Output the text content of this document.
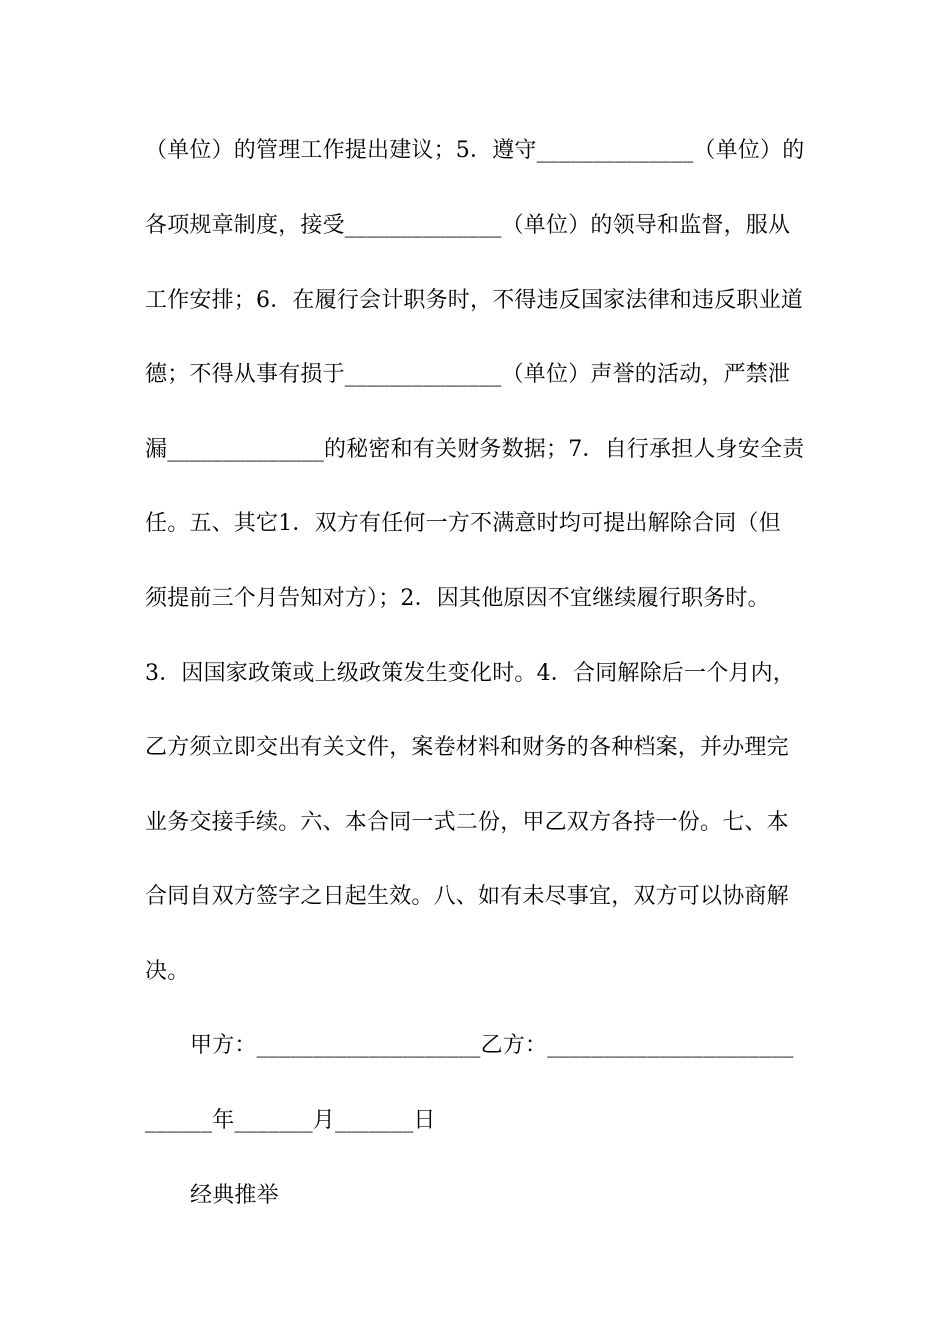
（单位）的管理工作提出建议；5．遵守______________（单位）的
各项规章制度，接受______________（单位）的领导和监督，服从
工作安排；6．在履行会计职务时，不得违反国家法律和违反职业道
德；不得从事有损于______________（单位）声誉的活动，严禁泄
漏______________的秘密和有关财务数据；7．自行承担人身安全责
任。五、其它1．双方有任何一方不满意时均可提出解除合同（但
须提前三个月告知对方）；2．因其他原因不宜继续履行职务时。
3．因国家政策或上级政策发生变化时。4．合同解除后一个月内，
乙方须立即交出有关文件，案卷材料和财务的各种档案，并办理完
业务交接手续。六、本合同一式二份，甲乙双方各持一份。七、本
合同自双方签字之日起生效。八、如有未尽事宜，双方可以协商解
决。
甲方：____________________乙方：______________________
______年_______月_______日
经典推举
